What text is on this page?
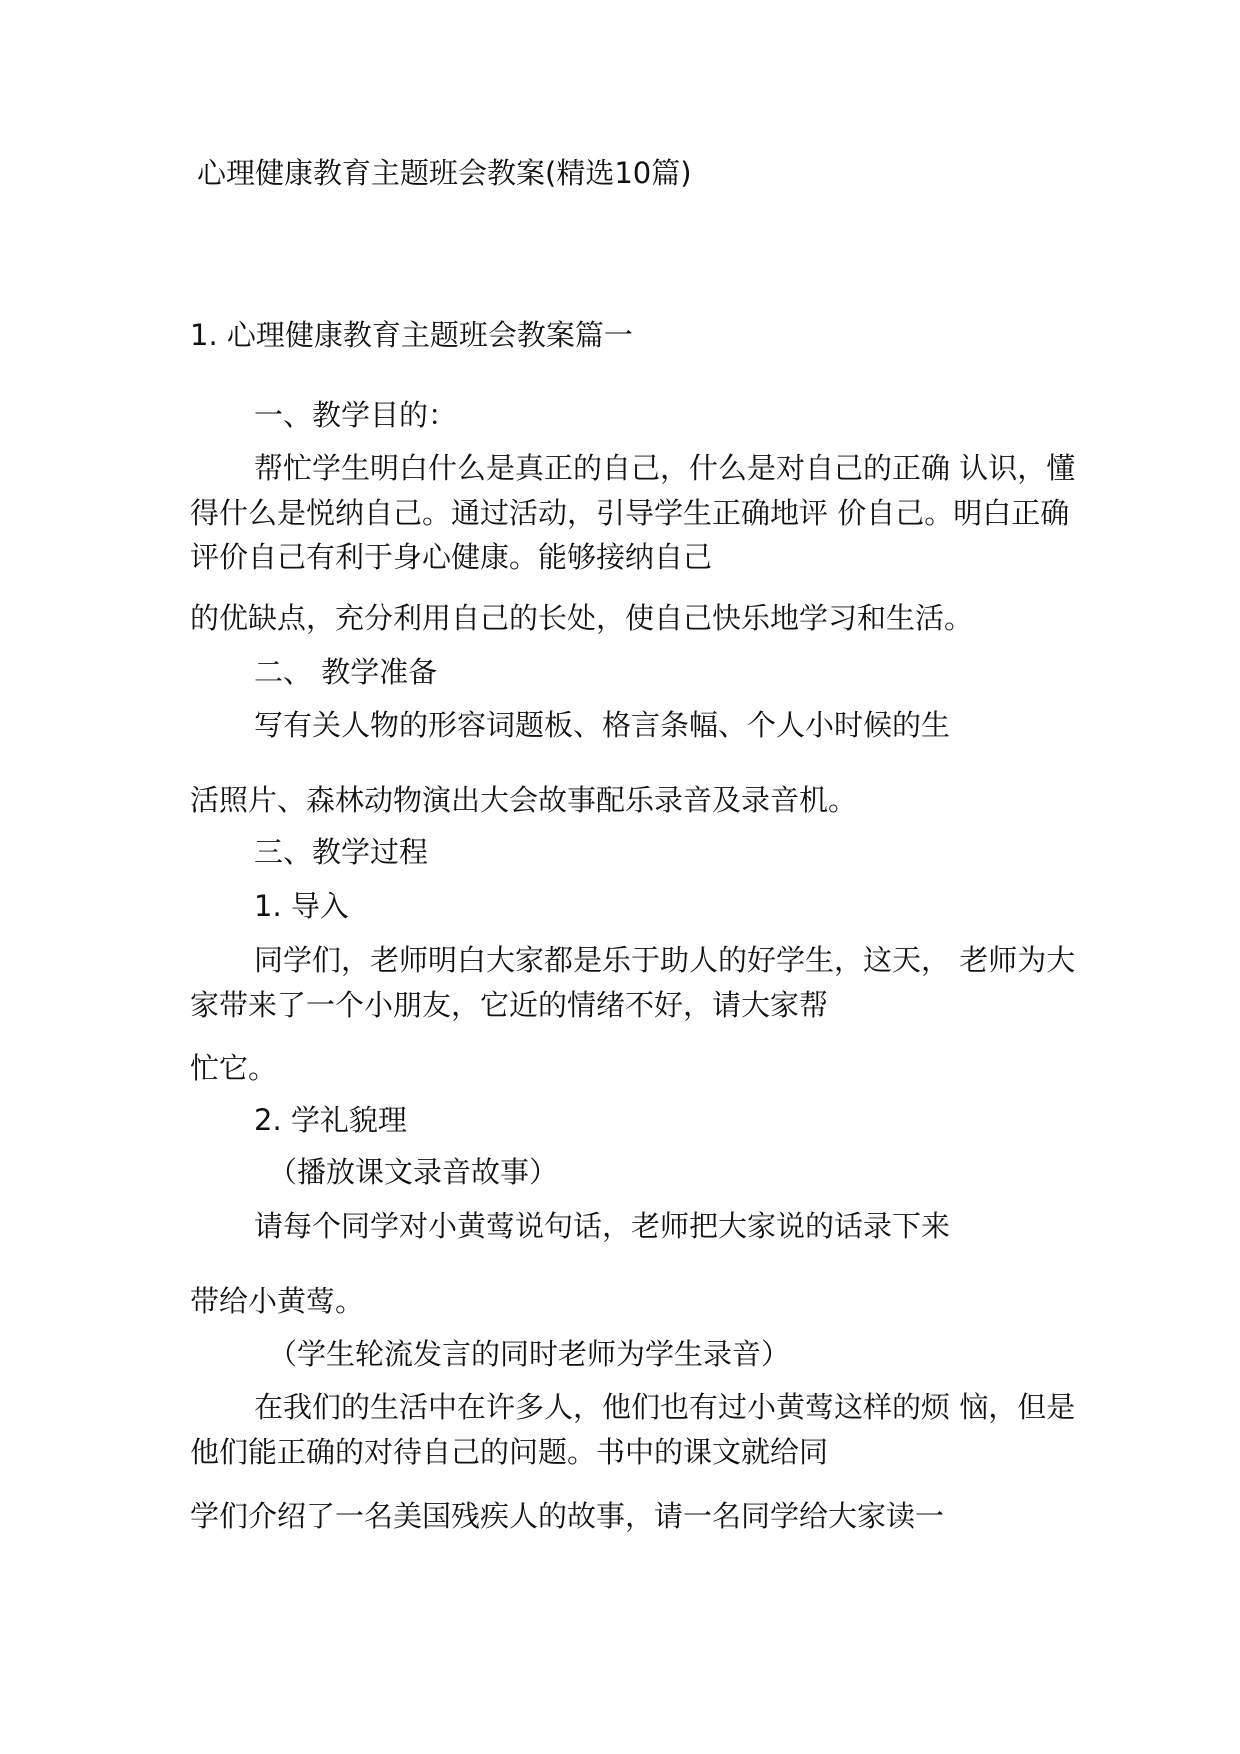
心理健康教育主题班会教案(精选10篇)
1. 心理健康教育主题班会教案篇一
一、教学目的：
帮忙学生明白什么是真正的自己，什么是对自己的正确 认识，懂
得什么是悦纳自己。通过活动，引导学生正确地评 价自己。明白正确
评价自己有利于身心健康。能够接纳自己
的优缺点，充分利用自己的长处，使自己快乐地学习和生活。
二、 教学准备
写有关人物的形容词题板、格言条幅、个人小时候的生
活照片、森林动物演出大会故事配乐录音及录音机。
三、教学过程
1. 导入
同学们，老师明白大家都是乐于助人的好学生，这天， 老师为大
家带来了一个小朋友，它近的情绪不好，请大家帮
忙它。
2. 学礼貌理
（播放课文录音故事）
请每个同学对小黄莺说句话，老师把大家说的话录下来
带给小黄莺。
（学生轮流发言的同时老师为学生录音）
在我们的生活中在许多人，他们也有过小黄莺这样的烦 恼，但是
他们能正确的对待自己的问题。书中的课文就给同
学们介绍了一名美国残疾人的故事，请一名同学给大家读一
